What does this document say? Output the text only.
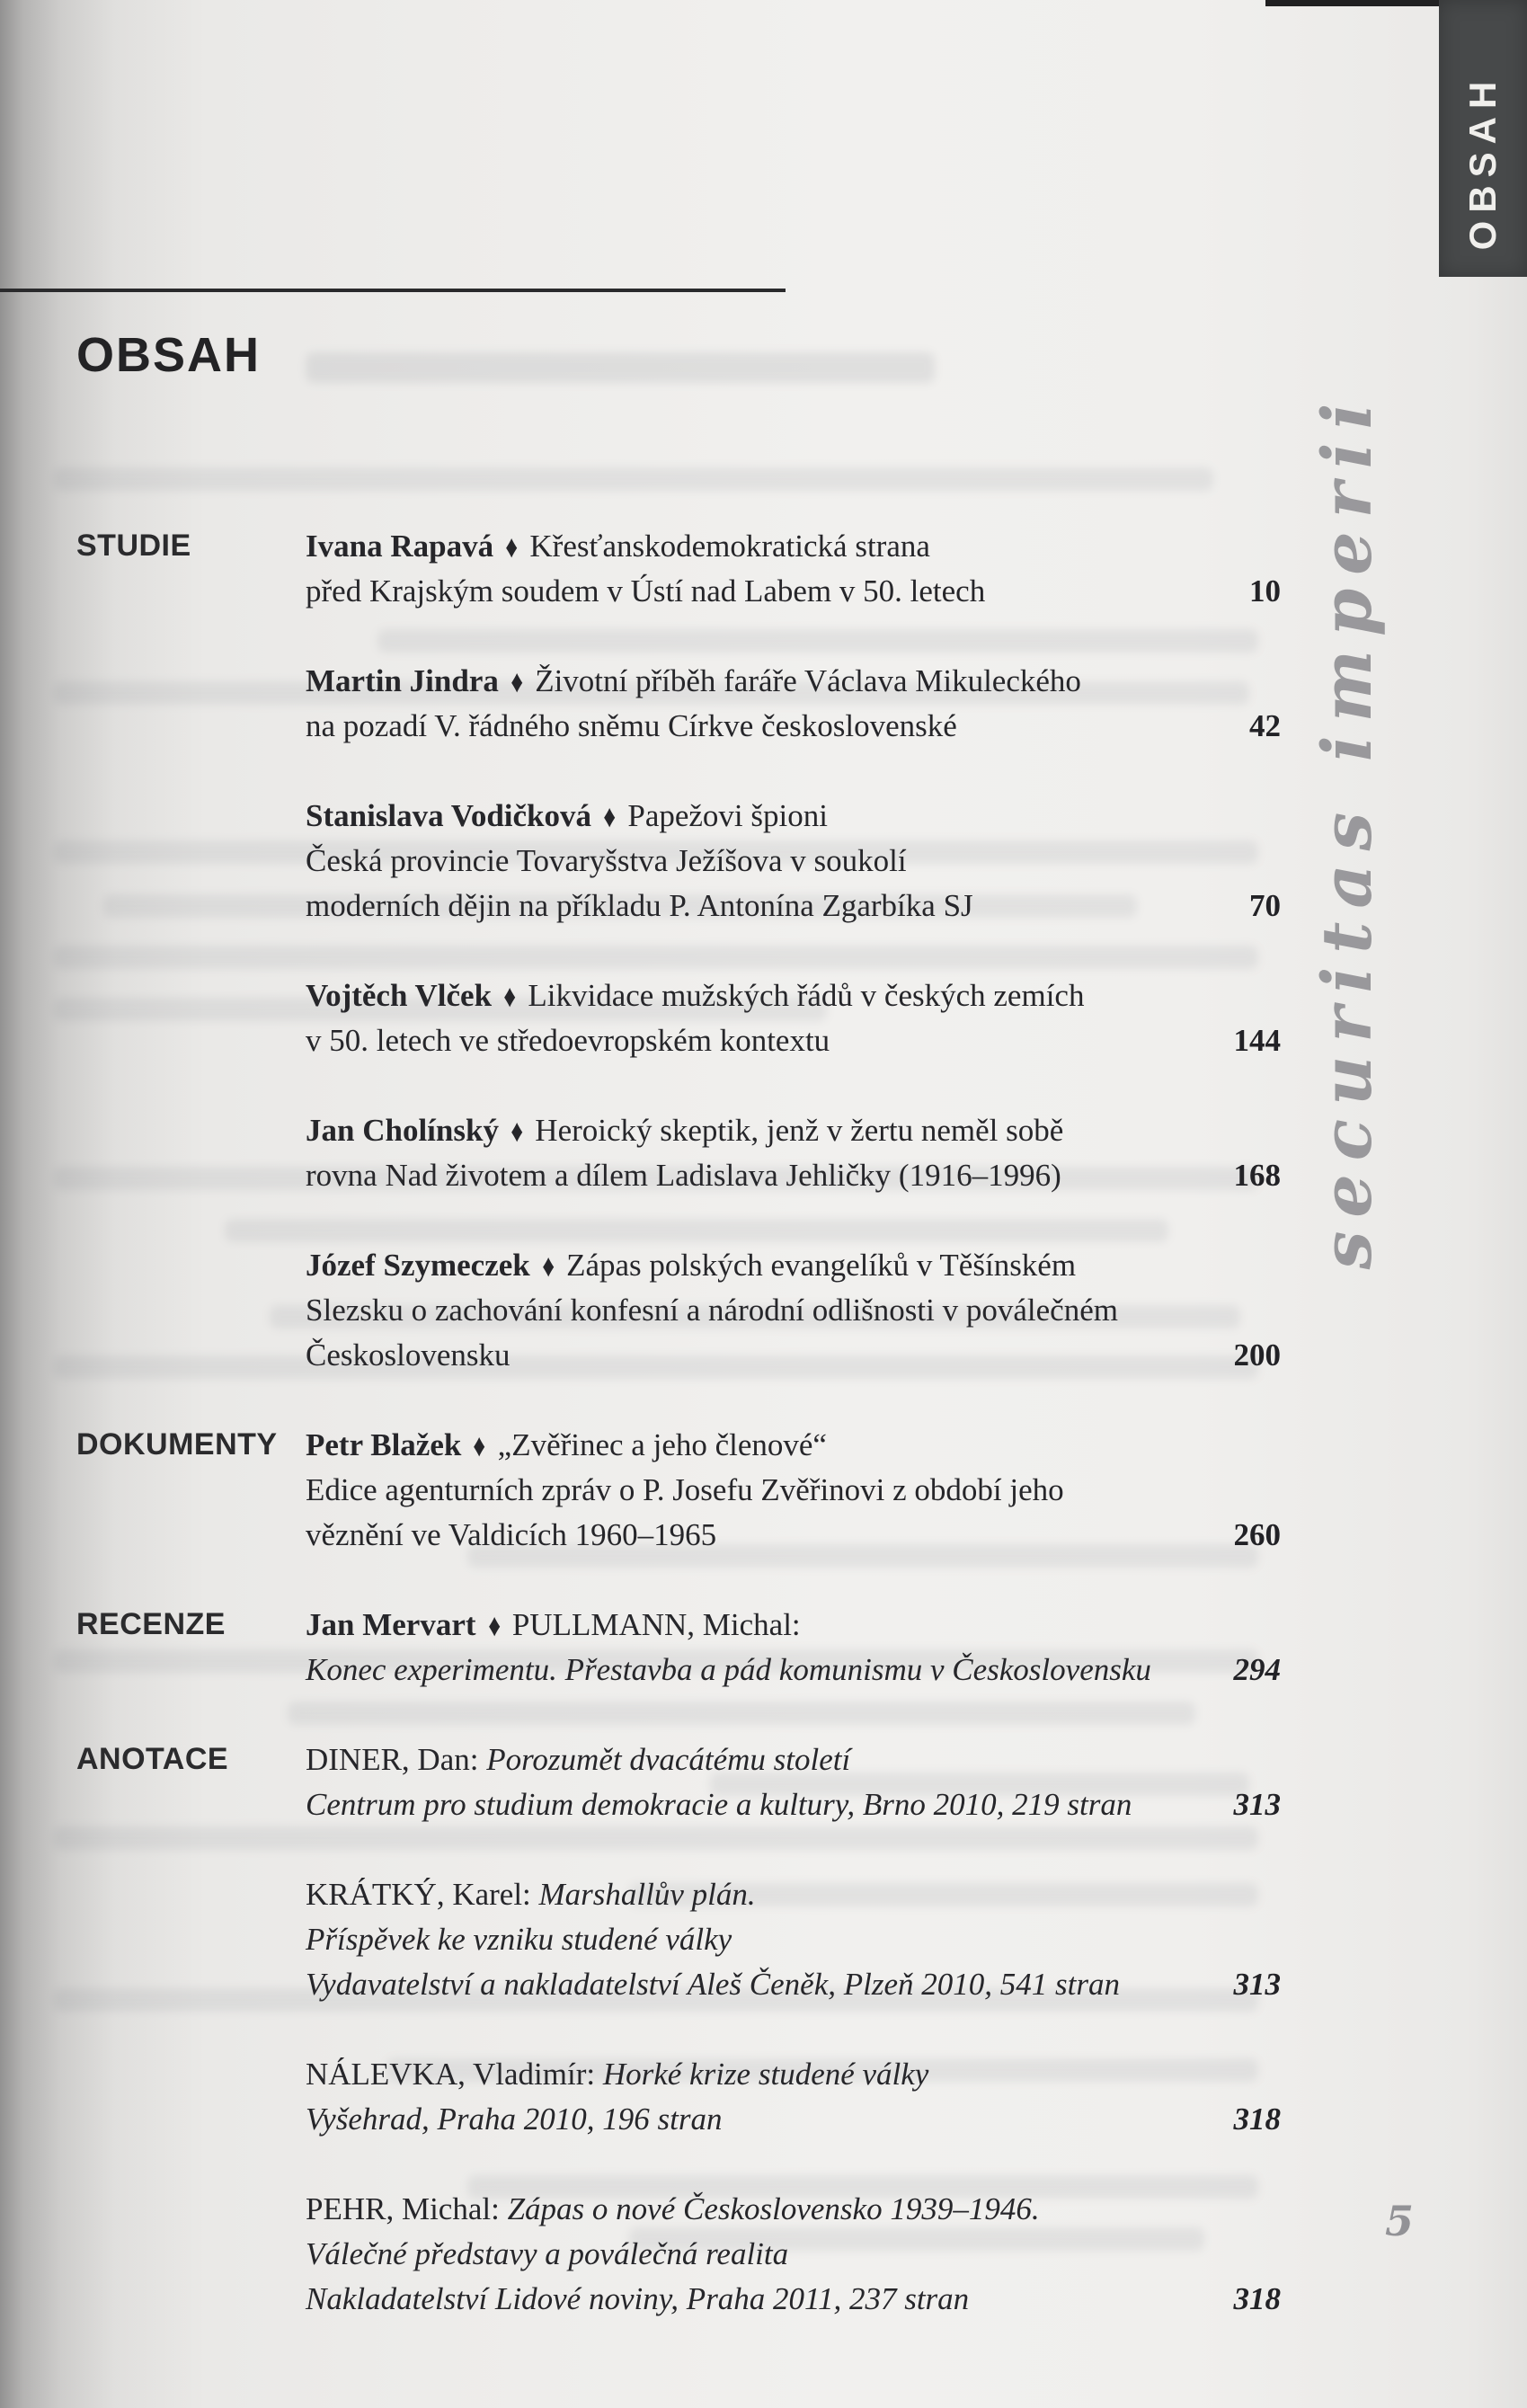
OBSAH
securitas imperii
OBSAH
STUDIE	Ivana Rapavá ♦ Křesťanskodemokratická strana
před Krajským soudem v Ústí nad Labem v 50. letech	10
Martin Jindra ♦ Životní příběh faráře Václava Mikuleckého
na pozadí V. řádného sněmu Církve československé	42
Stanislava Vodičková ♦ Papežovi špioni
Česká provincie Tovaryšstva Ježíšova v soukolí
moderních dějin na příkladu P. Antonína Zgarbíka SJ	70
Vojtěch Vlček ♦ Likvidace mužských řádů v českých zemích
v 50. letech ve středoevropském kontextu	144
Jan Cholínský ♦ Heroický skeptik, jenž v žertu neměl sobě
rovna Nad životem a dílem Ladislava Jehličky (1916–1996)	168
Józef Szymeczek ♦ Zápas polských evangelíků v Těšínském
Slezsku o zachování konfesní a národní odlišnosti v poválečném
Československu	200
DOKUMENTY Petr Blažek ♦ „Zvěřinec a jeho členové“
Edice agenturních zpráv o P. Josefu Zvěřinovi z období jeho
věznění ve Valdicích 1960–1965	260
RECENZE	Jan Mervart ♦ PULLMANN, Michal:
Konec experimentu. Přestavba a pád komunismu v Československu	294
ANOTACE	DINER, Dan: Porozumět dvacátému století
Centrum pro studium demokracie a kultury, Brno 2010, 219 stran	313
KRÁTKÝ, Karel: Marshallův plán.
Příspěvek ke vzniku studené války
Vydavatelství a nakladatelství Aleš Čeněk, Plzeň 2010, 541 stran	313
NÁLEVKA, Vladimír: Horké krize studené války
Vyšehrad, Praha 2010, 196 stran	318
PEHR, Michal: Zápas o nové Československo 1939–1946.
Válečné představy a poválečná realita
Nakladatelství Lidové noviny, Praha 2011, 237 stran	318
5
